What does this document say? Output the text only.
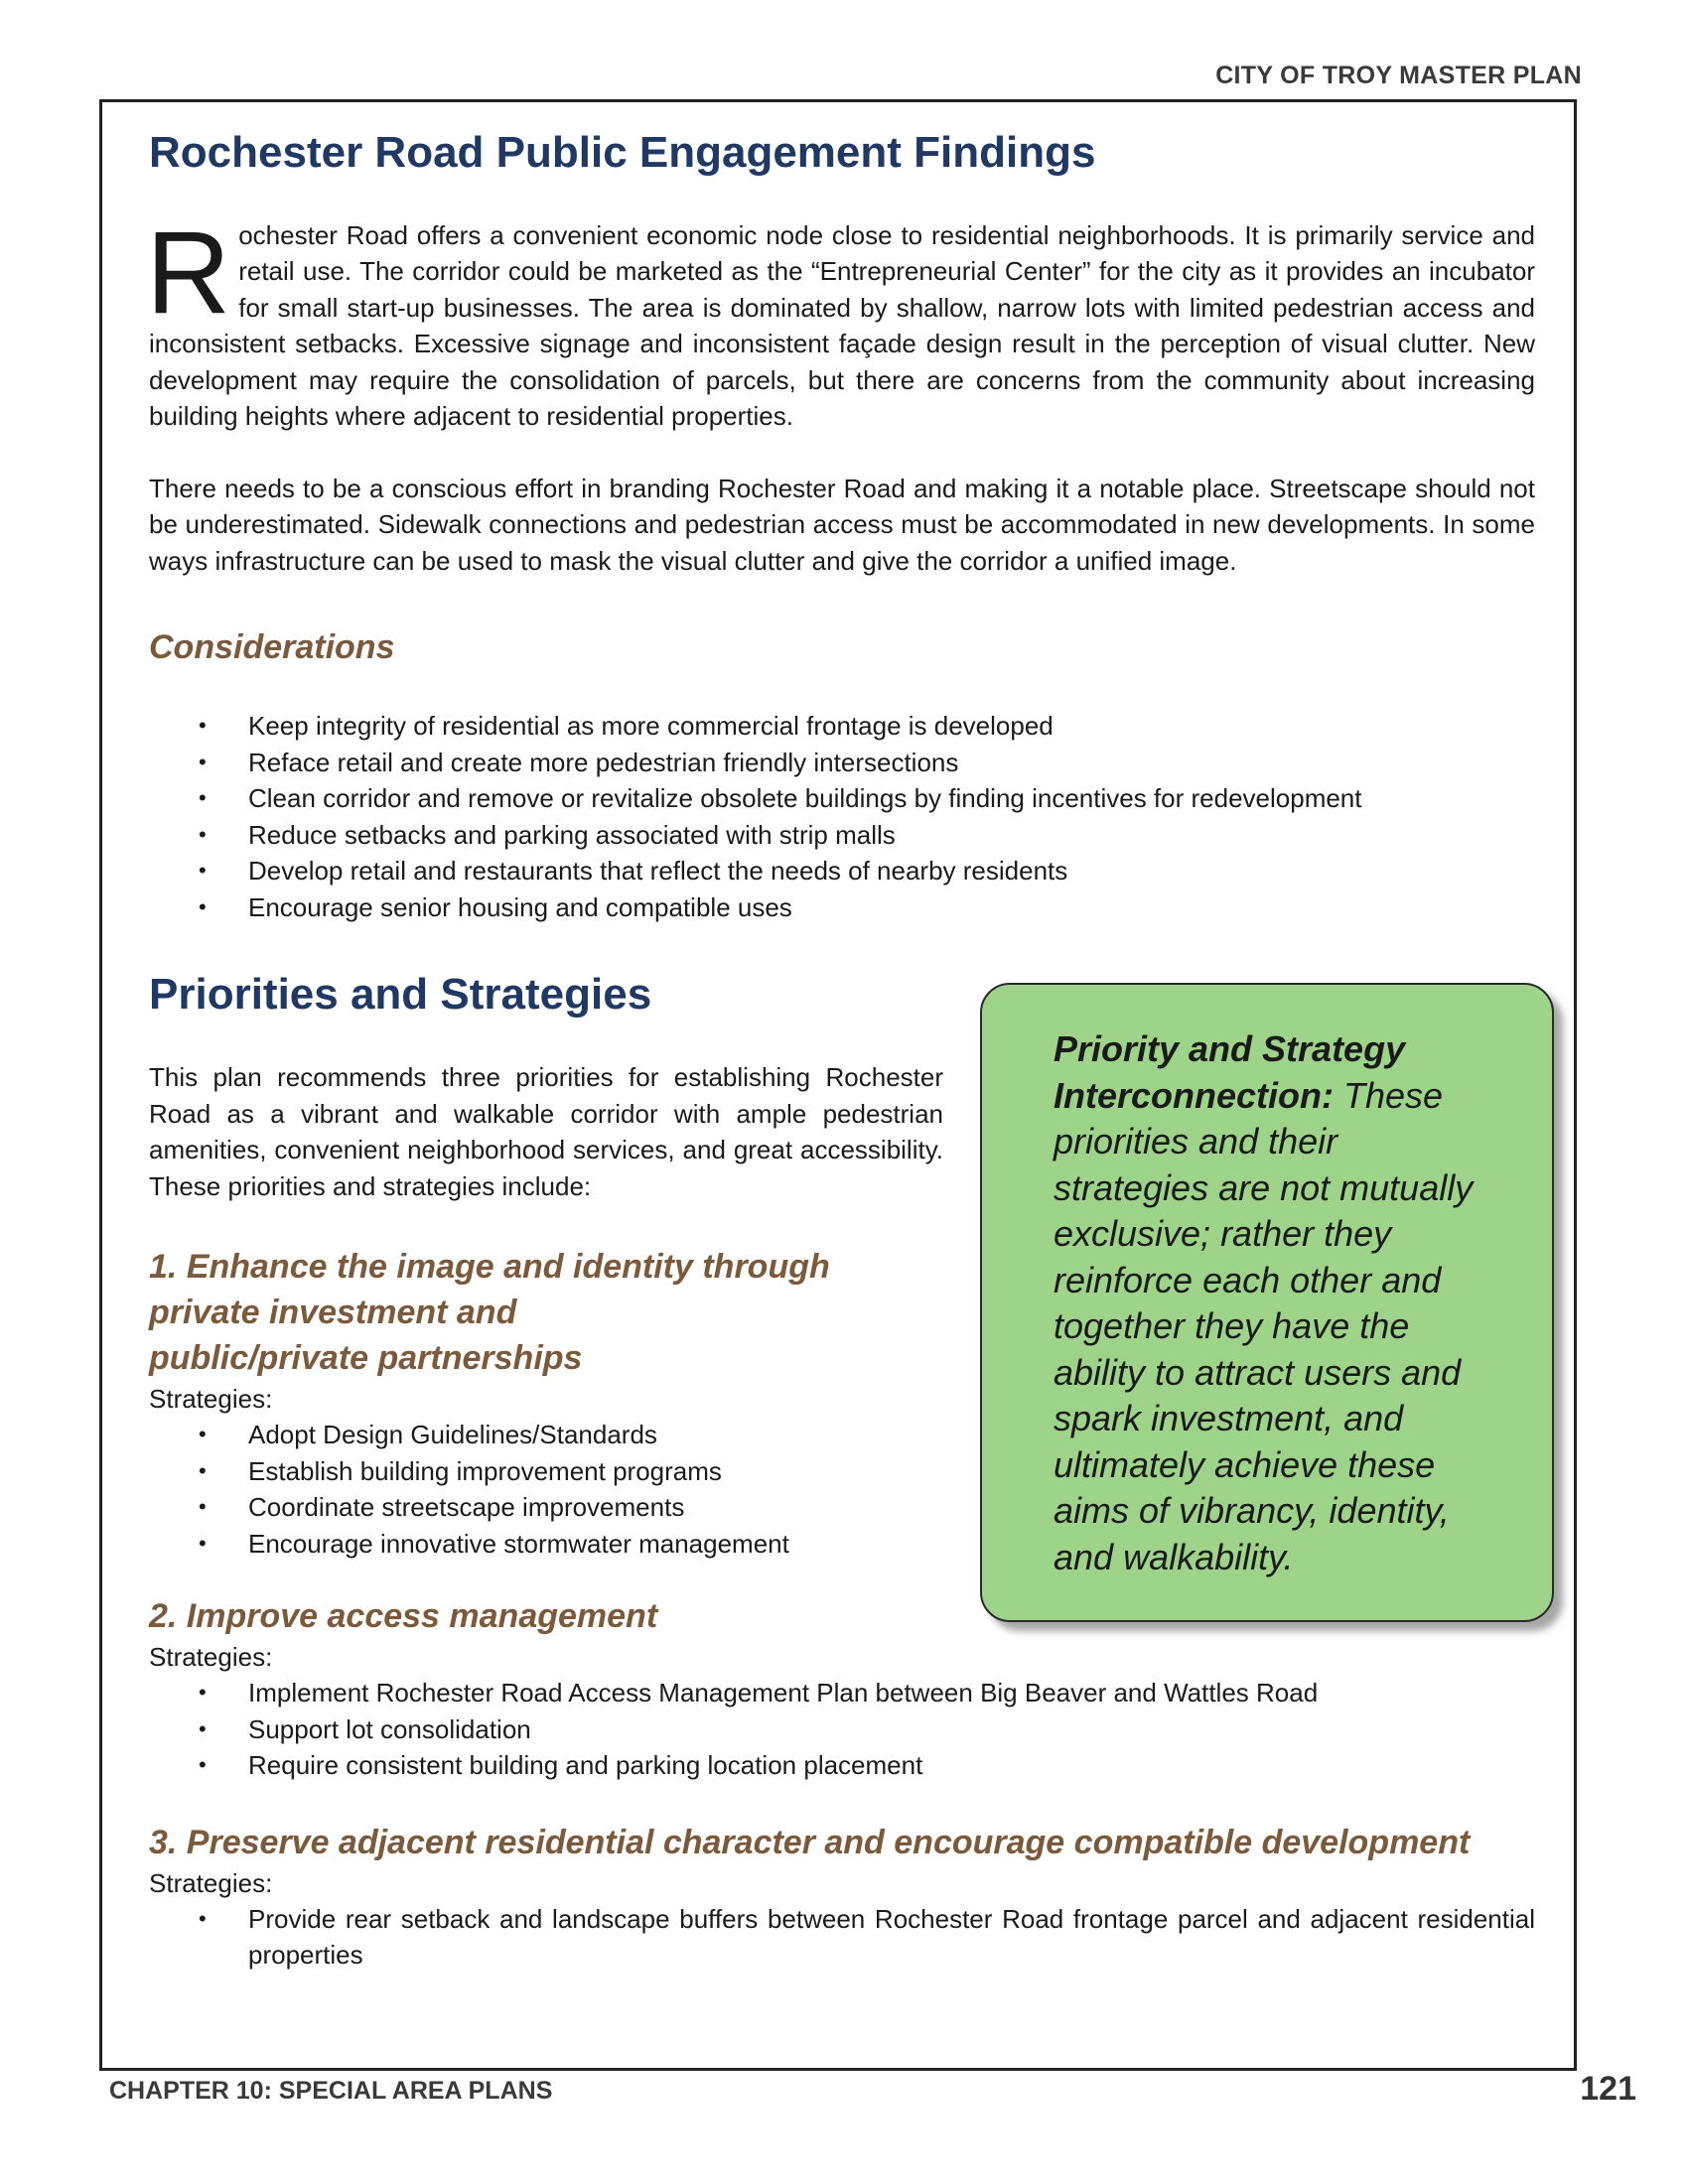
CITY OF TROY MASTER PLAN
Rochester Road Public Engagement Findings

Rochester Road offers a convenient economic node close to residential neighborhoods. It is primarily service and retail use. The corridor could be marketed as the “Entrepreneurial Center” for the city as it provides an incubator for small start-up businesses. The area is dominated by shallow, narrow lots with limited pedestrian access and inconsistent setbacks. Excessive signage and inconsistent façade design result in the perception of visual clutter. New development may require the consolidation of parcels, but there are concerns from the community about increasing building heights where adjacent to residential properties.

There needs to be a conscious effort in branding Rochester Road and making it a notable place. Streetscape should not be underestimated. Sidewalk connections and pedestrian access must be accommodated in new developments. In some ways infrastructure can be used to mask the visual clutter and give the corridor a unified image.

Considerations
• Keep integrity of residential as more commercial frontage is developed
• Reface retail and create more pedestrian friendly intersections
• Clean corridor and remove or revitalize obsolete buildings by finding incentives for redevelopment
• Reduce setbacks and parking associated with strip malls
• Develop retail and restaurants that reflect the needs of nearby residents
• Encourage senior housing and compatible uses
Priorities and Strategies

This plan recommends three priorities for establishing Rochester Road as a vibrant and walkable corridor with ample pedestrian amenities, convenient neighborhood services, and great accessibility. These priorities and strategies include:

1. Enhance the image and identity through private investment and
public/private partnerships
Strategies:
• Adopt Design Guidelines/Standards
• Establish building improvement programs
• Coordinate streetscape improvements
• Encourage innovative stormwater management
2. Improve access management
Strategies:
• Implement Rochester Road Access Management Plan between Big Beaver and Wattles Road
• Support lot consolidation
• Require consistent building and parking location placement
3. Preserve adjacent residential character and encourage compatible development
Strategies:
• Provide rear setback and landscape buffers between Rochester Road frontage parcel and adjacent residential properties
Priority and Strategy Interconnection: These priorities and their strategies are not mutually exclusive; rather they reinforce each other and together they have the ability to attract users and spark investment, and ultimately achieve these aims of vibrancy, identity, and walkability.
CHAPTER 10: SPECIAL AREA PLANS	121
